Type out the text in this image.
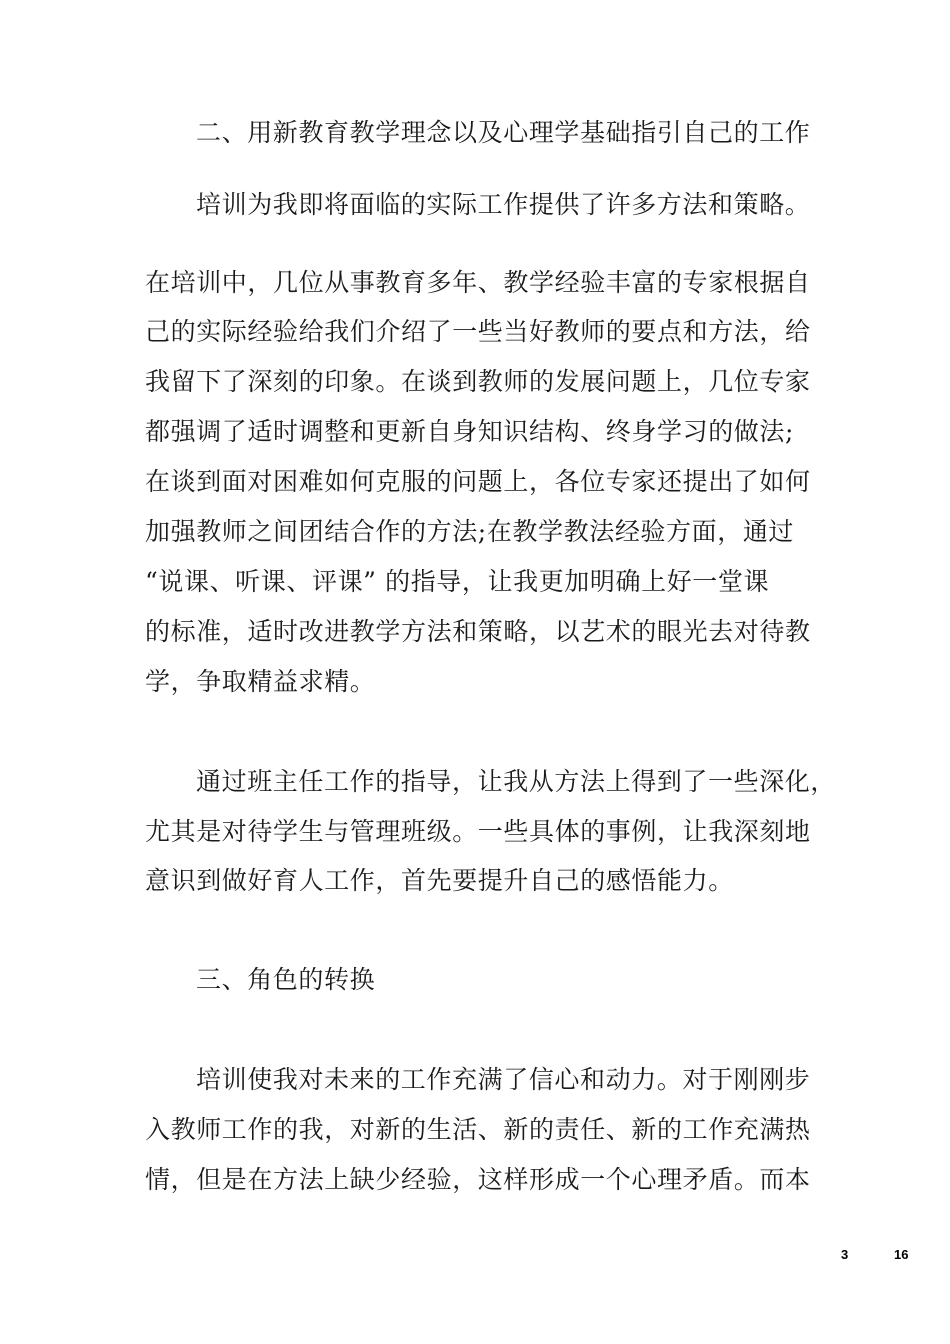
二、用新教育教学理念以及心理学基础指引自己的工作
培训为我即将面临的实际工作提供了许多方法和策略。
在培训中，几位从事教育多年、教学经验丰富的专家根据自
己的实际经验给我们介绍了一些当好教师的要点和方法，给
我留下了深刻的印象。在谈到教师的发展问题上，几位专家
都强调了适时调整和更新自身知识结构、终身学习的做法;
在谈到面对困难如何克服的问题上，各位专家还提出了如何
加强教师之间团结合作的方法;在教学教法经验方面，通过
“说课、听课、评课” 的指导，让我更加明确上好一堂课
的标准，适时改进教学方法和策略，以艺术的眼光去对待教
学，争取精益求精。
通过班主任工作的指导，让我从方法上得到了一些深化，
尤其是对待学生与管理班级。一些具体的事例，让我深刻地
意识到做好育人工作，首先要提升自己的感悟能力。
三、角色的转换
培训使我对未来的工作充满了信心和动力。对于刚刚步
入教师工作的我，对新的生活、新的责任、新的工作充满热
情，但是在方法上缺少经验，这样形成一个心理矛盾。而本
3	16
